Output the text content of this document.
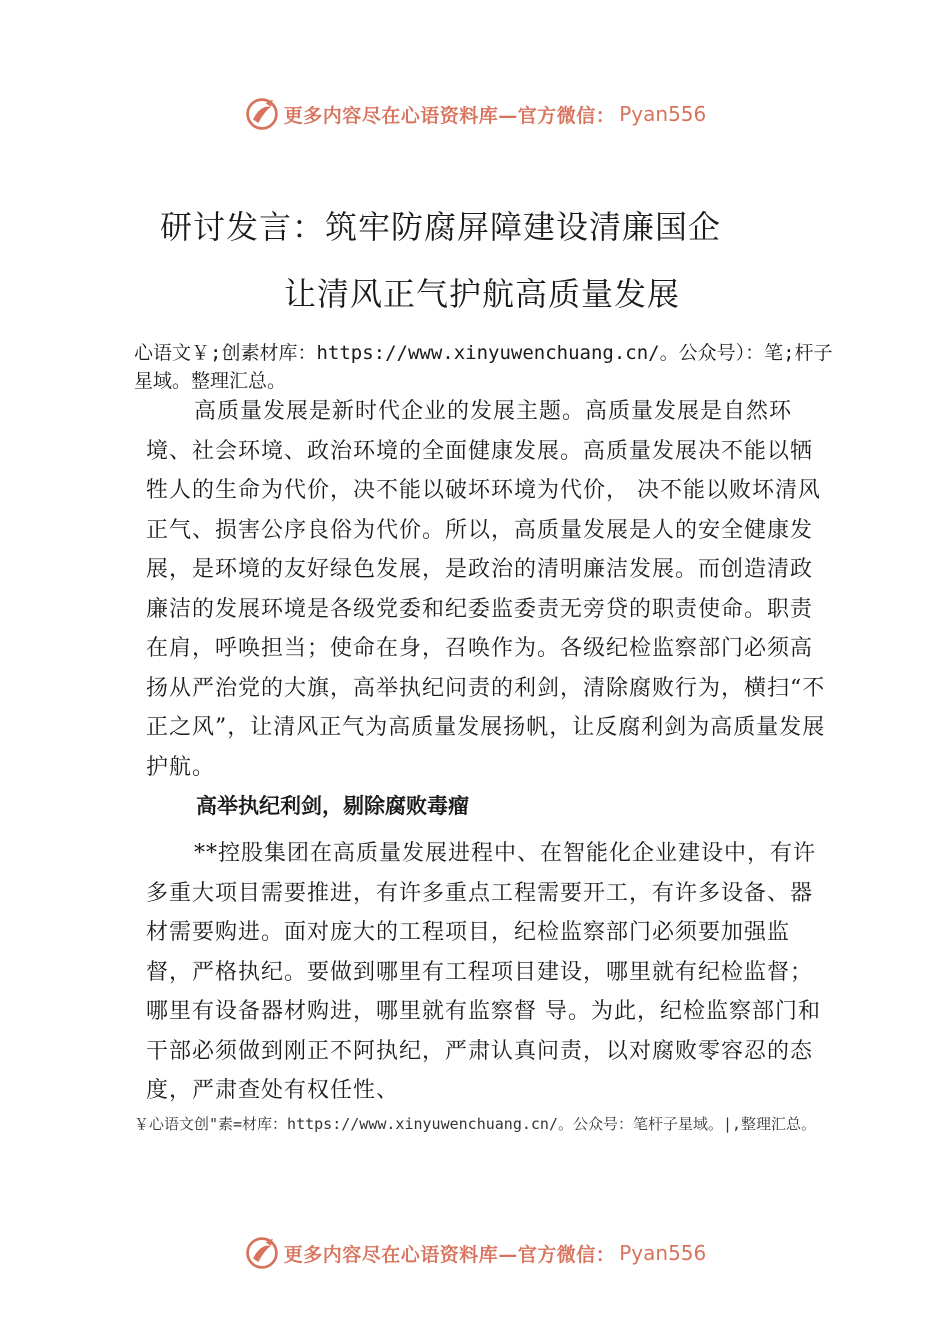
更多内容尽在心语资料库—官方微信： Pyan556
研讨发言：筑牢防腐屏障建设清廉国企
让清风正气护航高质量发展
心语文￥;创素材库：https://www.xinyuwenchuang.cn/。公众号）：笔;杆子星域。整理汇总。

高质量发展是新时代企业的发展主题。高质量发展是自然环境、社会环境、政治环境的全面健康发展。高质量发展决不能以牺牲人的生命为代价，决不能以破坏环境为代价， 决不能以败坏清风正气、损害公序良俗为代价。所以，高质量发展是人的安全健康发展，是环境的友好绿色发展，是政治的清明廉洁发展。而创造清政廉洁的发展环境是各级党委和纪委监委责无旁贷的职责使命。职责在肩，呼唤担当；使命在身，召唤作为。各级纪检监察部门必须高扬从严治党的大旗，高举执纪问责的利剑，清除腐败行为，横扫“不正之风”，让清风正气为高质量发展扬帆，让反腐利剑为高质量发展护航。

高举执纪利剑，剔除腐败毒瘤

**控股集团在高质量发展进程中、在智能化企业建设中，有许多重大项目需要推进，有许多重点工程需要开工，有许多设备、器材需要购进。面对庞大的工程项目，纪检监察部门必须要加强监督，严格执纪。要做到哪里有工程项目建设，哪里就有纪检监督；哪里有设备器材购进，哪里就有监察督 导。为此，纪检监察部门和干部必须做到刚正不阿执纪，严肃认真问责，以对腐败零容忍的态度，严肃查处有权任性、

￥心语文创"素=材库：https://www.xinyuwenchuang.cn/。公众号：笔杆子星域。|,整理汇总。
更多内容尽在心语资料库—官方微信： Pyan556
